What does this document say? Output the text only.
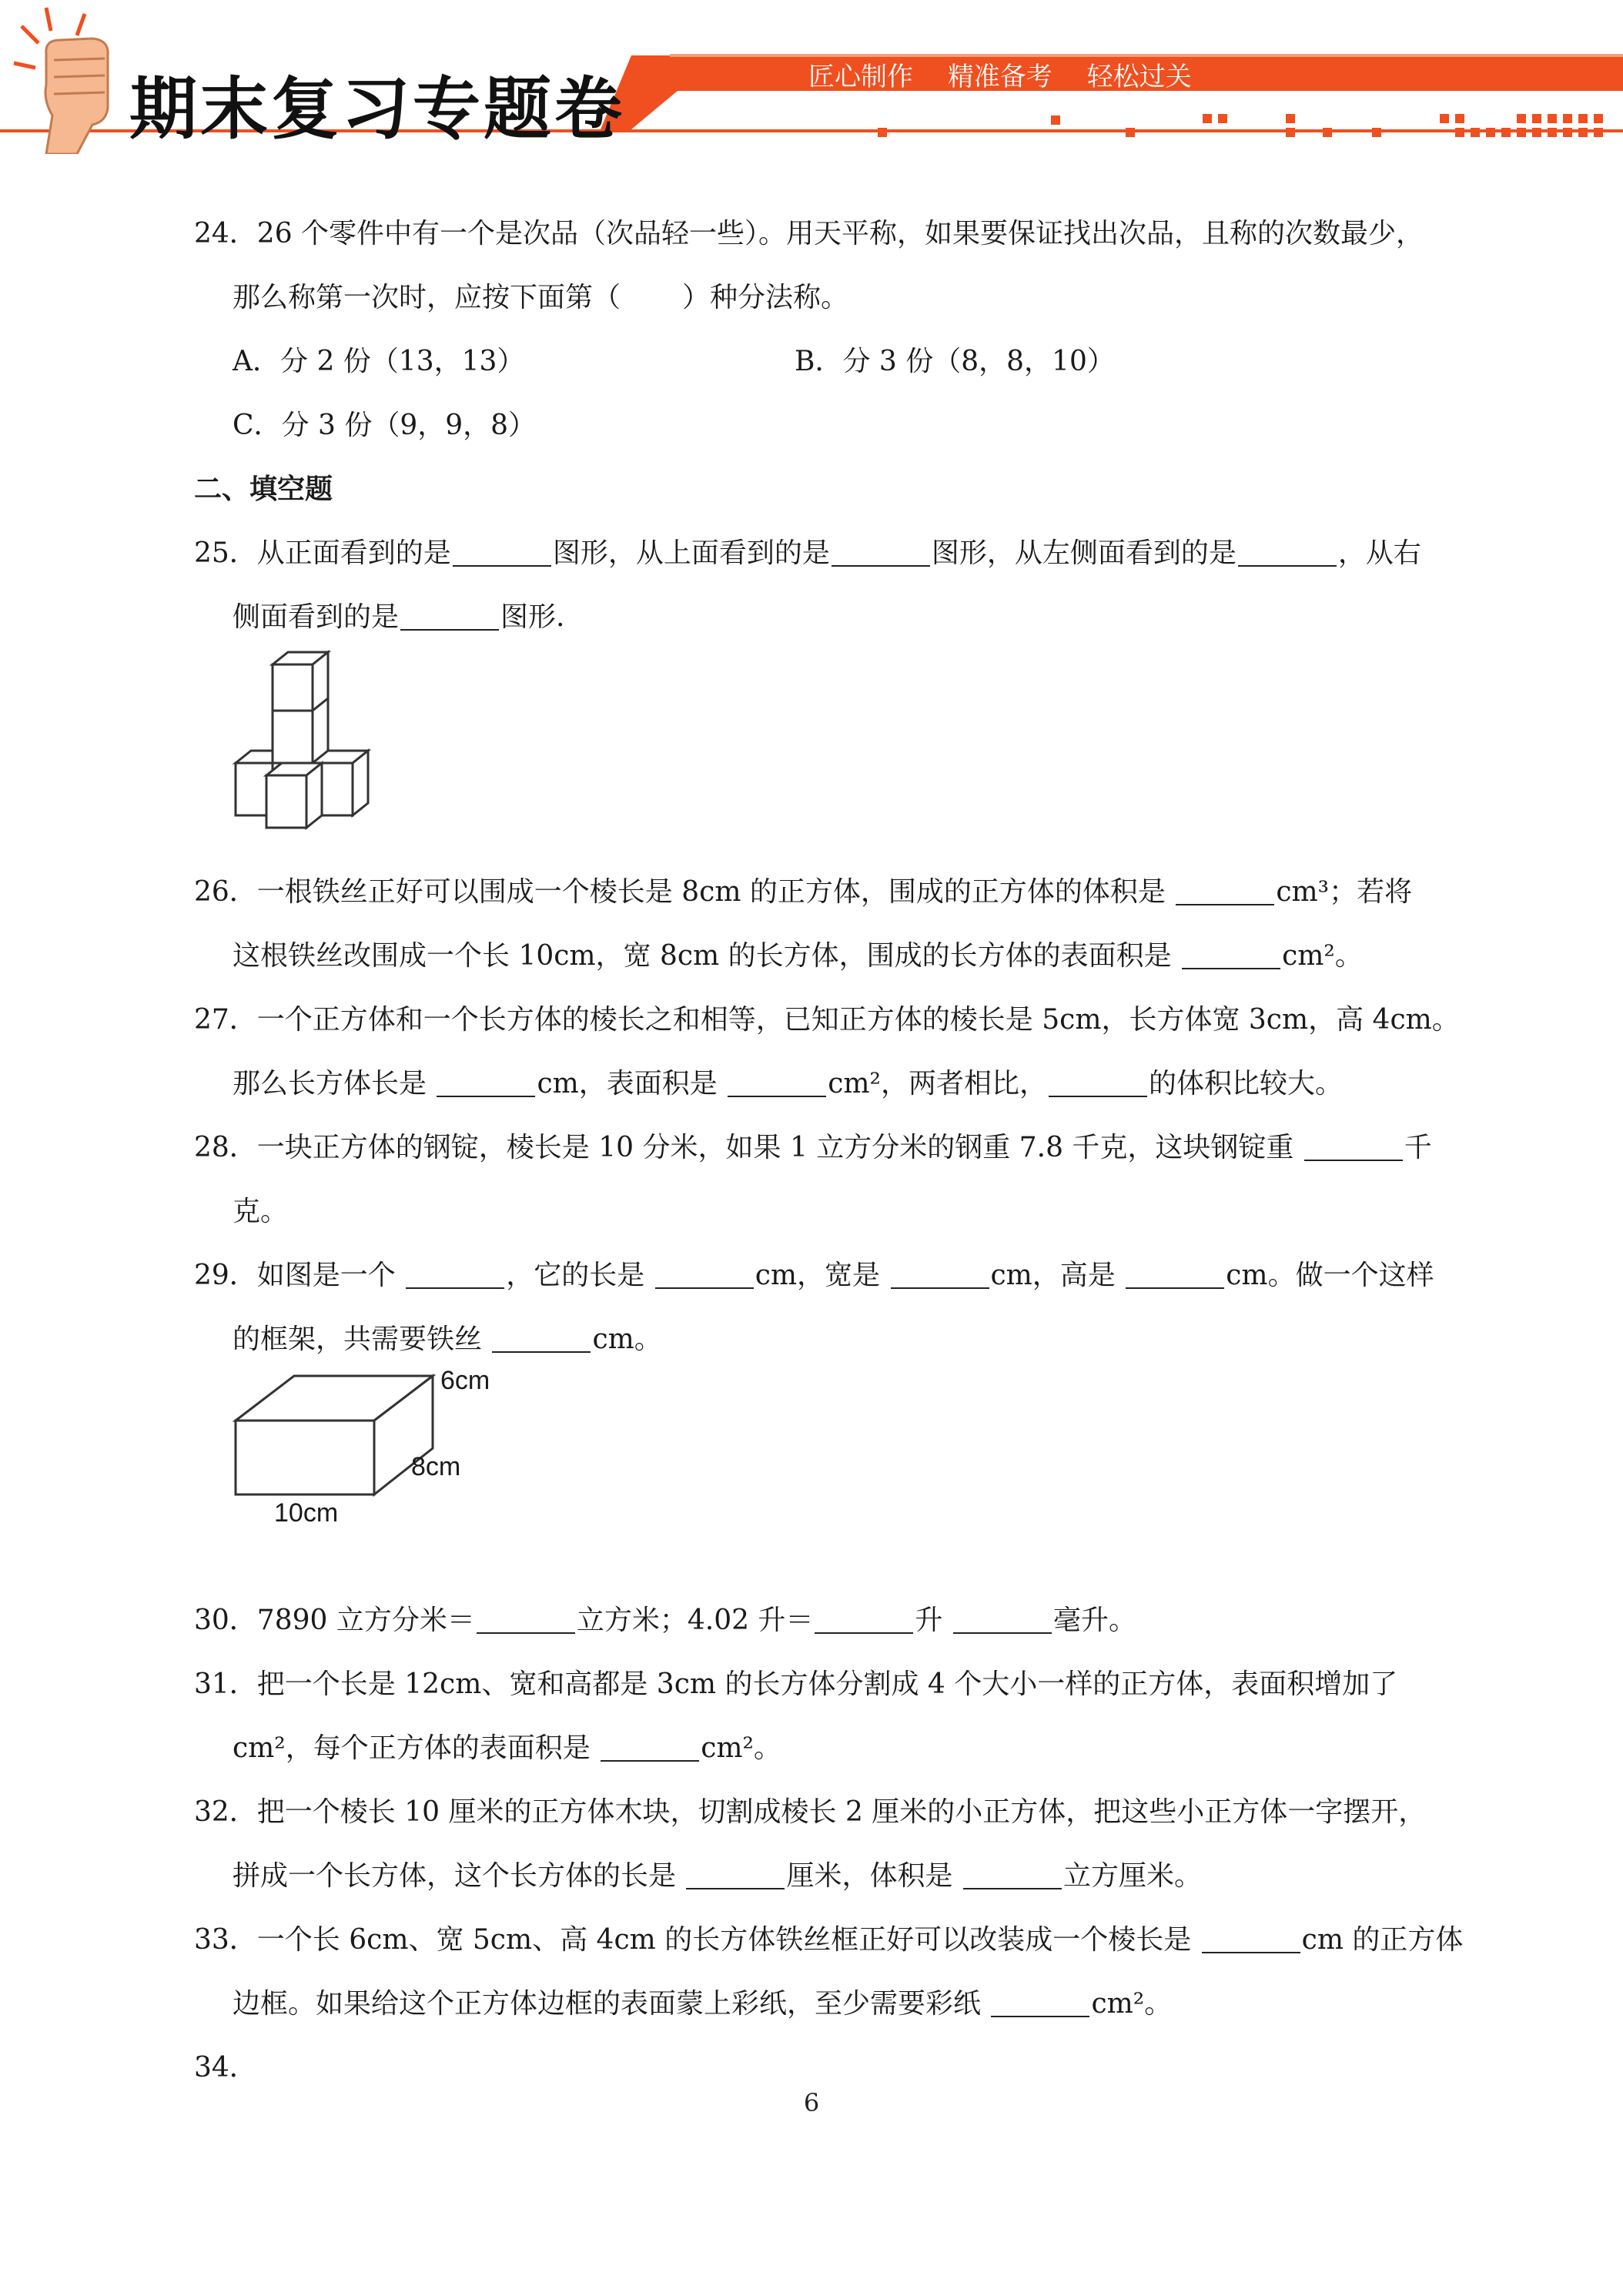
期末复习专题卷	匠心制作 精准备考 轻松过关
24．26 个零件中有一个是次品（次品轻一些）。用天平称，如果要保证找出次品，且称的次数最少，
那么称第一次时，应按下面第（ ）种分法称。
A．分 2 份（13，13）	B．分 3 份（8，8，10）
C．分 3 份（9，9，8）
二、填空题
25．从正面看到的是	图形，从上面看到的是	图形，从左侧面看到的是	，从右
侧面看到的是	图形.
26．一根铁丝正好可以围成一个棱长是 8cm 的正方体，围成的正方体的体积是	cm³；若将
这根铁丝改围成一个长 10cm，宽 8cm 的长方体，围成的长方体的表面积是	cm²。
27．一个正方体和一个长方体的棱长之和相等，已知正方体的棱长是 5cm，长方体宽 3cm，高 4cm。
那么长方体长是	cm，表面积是	cm²，两者相比，	的体积比较大。
28．一块正方体的钢锭，棱长是 10 分米，如果 1 立方分米的钢重 7.8 千克，这块钢锭重	千
克。
29．如图是一个	，它的长是	cm，宽是	cm，高是	cm。做一个这样
的框架，共需要铁丝	cm。
6cm
8cm
10cm
30．7890 立方分米＝	立方米；4.02 升＝	升	毫升。
31．把一个长是 12cm、宽和高都是 3cm 的长方体分割成 4 个大小一样的正方体，表面积增加了
cm²，每个正方体的表面积是	cm²。
32．把一个棱长 10 厘米的正方体木块，切割成棱长 2 厘米的小正方体，把这些小正方体一字摆开，
拼成一个长方体，这个长方体的长是	厘米，体积是	立方厘米。
33．一个长 6cm、宽 5cm、高 4cm 的长方体铁丝框正好可以改装成一个棱长是	cm 的正方体
边框。如果给这个正方体边框的表面蒙上彩纸，至少需要彩纸	cm²。
34．
6
